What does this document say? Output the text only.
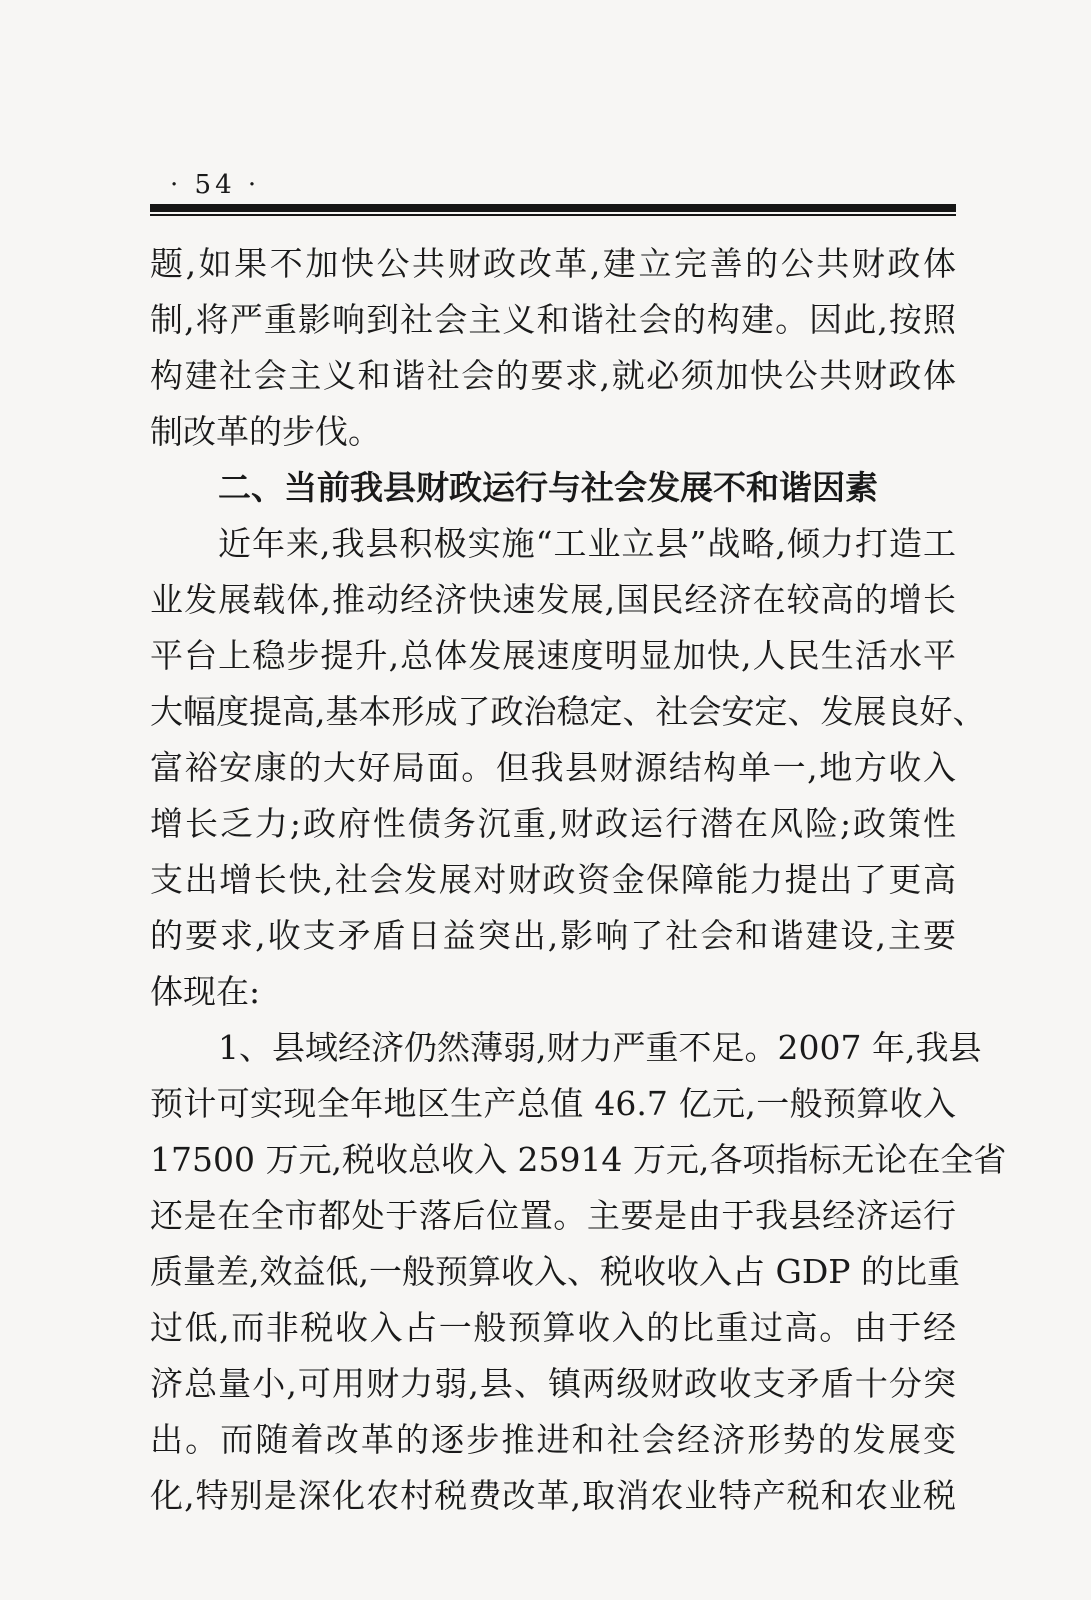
· 54 ·
题,如果不加快公共财政改革,建立完善的公共财政体
制,将严重影响到社会主义和谐社会的构建。因此,按照
构建社会主义和谐社会的要求,就必须加快公共财政体
制改革的步伐。
二、当前我县财政运行与社会发展不和谐因素
近年来,我县积极实施“工业立县”战略,倾力打造工
业发展载体,推动经济快速发展,国民经济在较高的增长
平台上稳步提升,总体发展速度明显加快,人民生活水平
大幅度提高,基本形成了政治稳定、社会安定、发展良好、
富裕安康的大好局面。但我县财源结构单一,地方收入
增长乏力;政府性债务沉重,财政运行潜在风险;政策性
支出增长快,社会发展对财政资金保障能力提出了更高
的要求,收支矛盾日益突出,影响了社会和谐建设,主要
体现在:
1、县域经济仍然薄弱,财力严重不足。2007 年,我县
预计可实现全年地区生产总值 46.7 亿元,一般预算收入
17500 万元,税收总收入 25914 万元,各项指标无论在全省
还是在全市都处于落后位置。主要是由于我县经济运行
质量差,效益低,一般预算收入、税收收入占 GDP 的比重
过低,而非税收入占一般预算收入的比重过高。由于经
济总量小,可用财力弱,县、镇两级财政收支矛盾十分突
出。而随着改革的逐步推进和社会经济形势的发展变
化,特别是深化农村税费改革,取消农业特产税和农业税
